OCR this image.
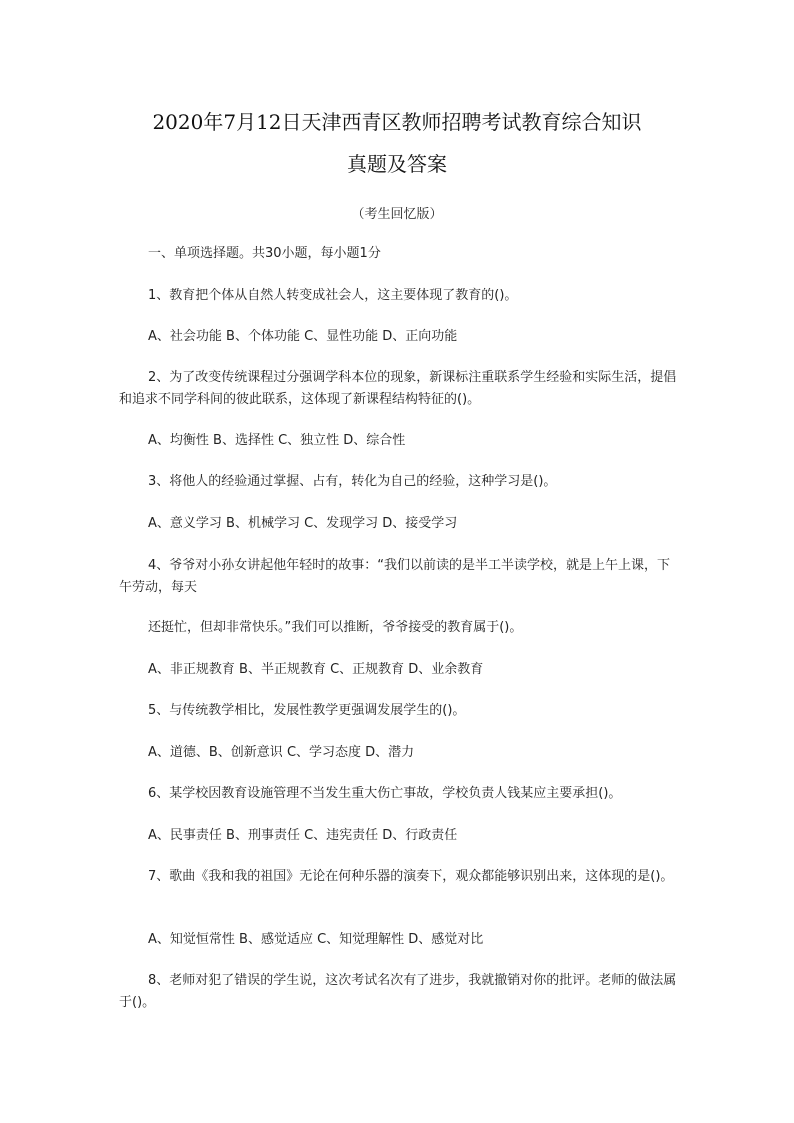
2020年7月12日天津西青区教师招聘考试教育综合知识
真题及答案
（考生回忆版）
一、单项选择题。共30小题，每小题1分
1、教育把个体从自然人转变成社会人，这主要体现了教育的()。
A、社会功能 B、个体功能 C、显性功能 D、正向功能
2、为了改变传统课程过分强调学科本位的现象，新课标注重联系学生经验和实际生活，提倡和追求不同学科间的彼此联系，这体现了新课程结构特征的()。
A、均衡性 B、选择性 C、独立性 D、综合性
3、将他人的经验通过掌握、占有，转化为自己的经验，这种学习是()。
A、意义学习 B、机械学习 C、发现学习 D、接受学习
4、爷爷对小孙女讲起他年轻时的故事：“我们以前读的是半工半读学校，就是上午上课，下午劳动，每天
还挺忙，但却非常快乐。”我们可以推断，爷爷接受的教育属于()。
A、非正规教育 B、半正规教育 C、正规教育 D、业余教育
5、与传统教学相比，发展性教学更强调发展学生的()。
A、道德、B、创新意识 C、学习态度 D、潜力
6、某学校因教育设施管理不当发生重大伤亡事故，学校负责人钱某应主要承担()。
A、民事责任 B、刑事责任 C、违宪责任 D、行政责任
7、歌曲《我和我的祖国》无论在何种乐器的演奏下，观众都能够识别出来，这体现的是()。
A、知觉恒常性 B、感觉适应 C、知觉理解性 D、感觉对比
8、老师对犯了错误的学生说，这次考试名次有了进步，我就撤销对你的批评。老师的做法属于()。
